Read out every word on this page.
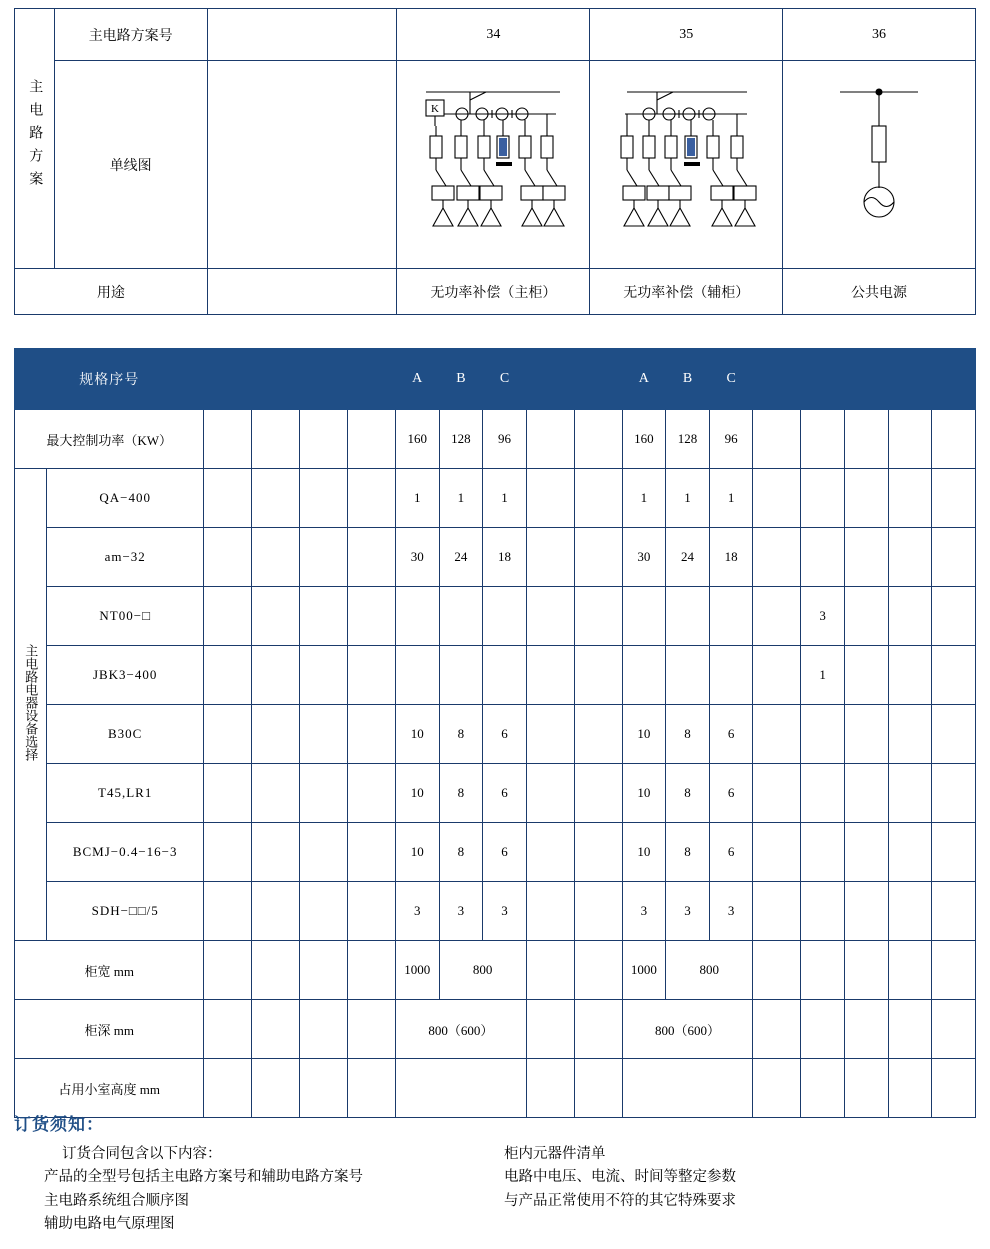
主电路方案	主电路方案号		34	35	36
	单线图		K

用途			无功率补偿（主柜）	无功率补偿（辅柜）	公共电源
规格序号						A	B	C			A	B	C					
最大控制功率（KW）						160	128	96			160	128	96					
主电路电器设备选择	QA−400					1	1	1			1	1	1					
	am−32					30	24	18			30	24	18					
	NT00−□														3			
	JBK3−400														1			
	B30C					10	8	6			10	8	6					
	T45,LR1					10	8	6			10	8	6					
	BCMJ−0.4−16−3					10	8	6			10	8	6					
	SDH−□□/5					3	3	3			3	3	3					
柜宽 mm						1000	800				1000	800						
柜深 mm						800（600）					800（600）							
占用小室高度 mm																		
订货须知：
订货合同包含以下内容：
产品的全型号包括主电路方案号和辅助电路方案号
主电路系统组合顺序图
辅助电路电气原理图
柜内元器件清单
电路中电压、电流、时间等整定参数
与产品正常使用不符的其它特殊要求
